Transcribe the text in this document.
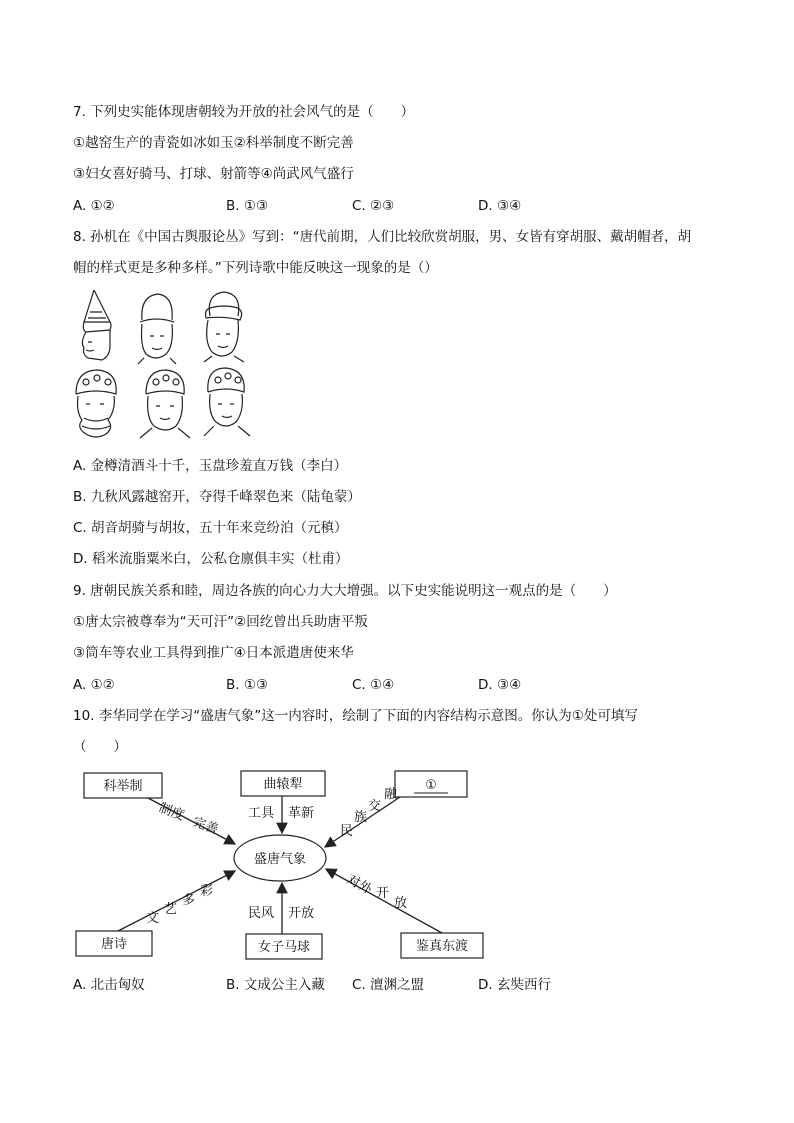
7. 下列史实能体现唐朝较为开放的社会风气的是（　　）
①越窑生产的青瓷如冰如玉②科举制度不断完善
③妇女喜好骑马、打球、射箭等④尚武风气盛行
A. ①②	B. ①③	C. ②③	D. ③④
8. 孙机在《中国古舆服论丛》写到：“唐代前期，人们比较欣赏胡服，男、女皆有穿胡服、戴胡帽者，胡
帽的样式更是多种多样。”下列诗歌中能反映这一现象的是（）
A. 金樽清酒斗十千，玉盘珍羞直万钱（李白）
B. 九秋风露越窑开，夺得千峰翠色来（陆龟蒙）
C. 胡音胡骑与胡妆，五十年来竞纷泊（元稹）
D. 稻米流脂粟米白，公私仓廪俱丰实（杜甫）
9. 唐朝民族关系和睦，周边各族的向心力大大增强。以下史实能说明这一观点的是（　　）
①唐太宗被尊奉为“天可汗”②回纥曾出兵助唐平叛
③筒车等农业工具得到推广④日本派遣唐使来华
A. ①②	B. ①③	C. ①④	D. ③④
10. 李华同学在学习“盛唐气象”这一内容时，绘制了下面的内容结构示意图。你认为①处可填写
（　　）
科举制	曲辕犁	①
唐诗	女子马球	鉴真东渡
盛唐气象
制度
完善
工具 革新
民
族
交
融
文
艺
多
彩
民风 开放
对外 开
放
A. 北击匈奴	B. 文成公主入藏 C. 澶渊之盟	D. 玄奘西行
